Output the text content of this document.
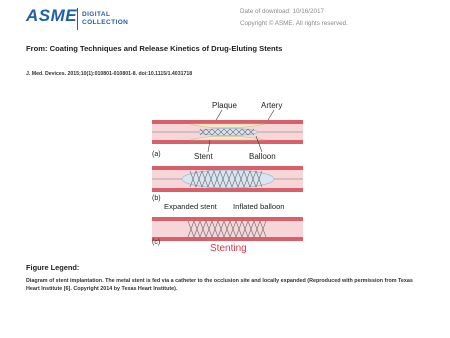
ASME DIGITAL
COLLECTION
Date of download: 10/16/2017
Copyright © ASME. All rights reserved.
From: Coating Techniques and Release Kinetics of Drug-Eluting Stents
J. Med. Devices. 2015;10(1):010801-010801-8. doi:10.1115/1.4031718
Plaque	Artery
(a)	Stent	Balloon
(b)
Expanded stent Inflated balloon
(c)
Stenting
Figure Legend:
Diagram of stent implantation. The metal stent is fed via a catheter to the occlusion site and locally expanded (Reproduced with permission from Texas Heart Institute [6]. Copyright 2014 by Texas Heart Institute).
